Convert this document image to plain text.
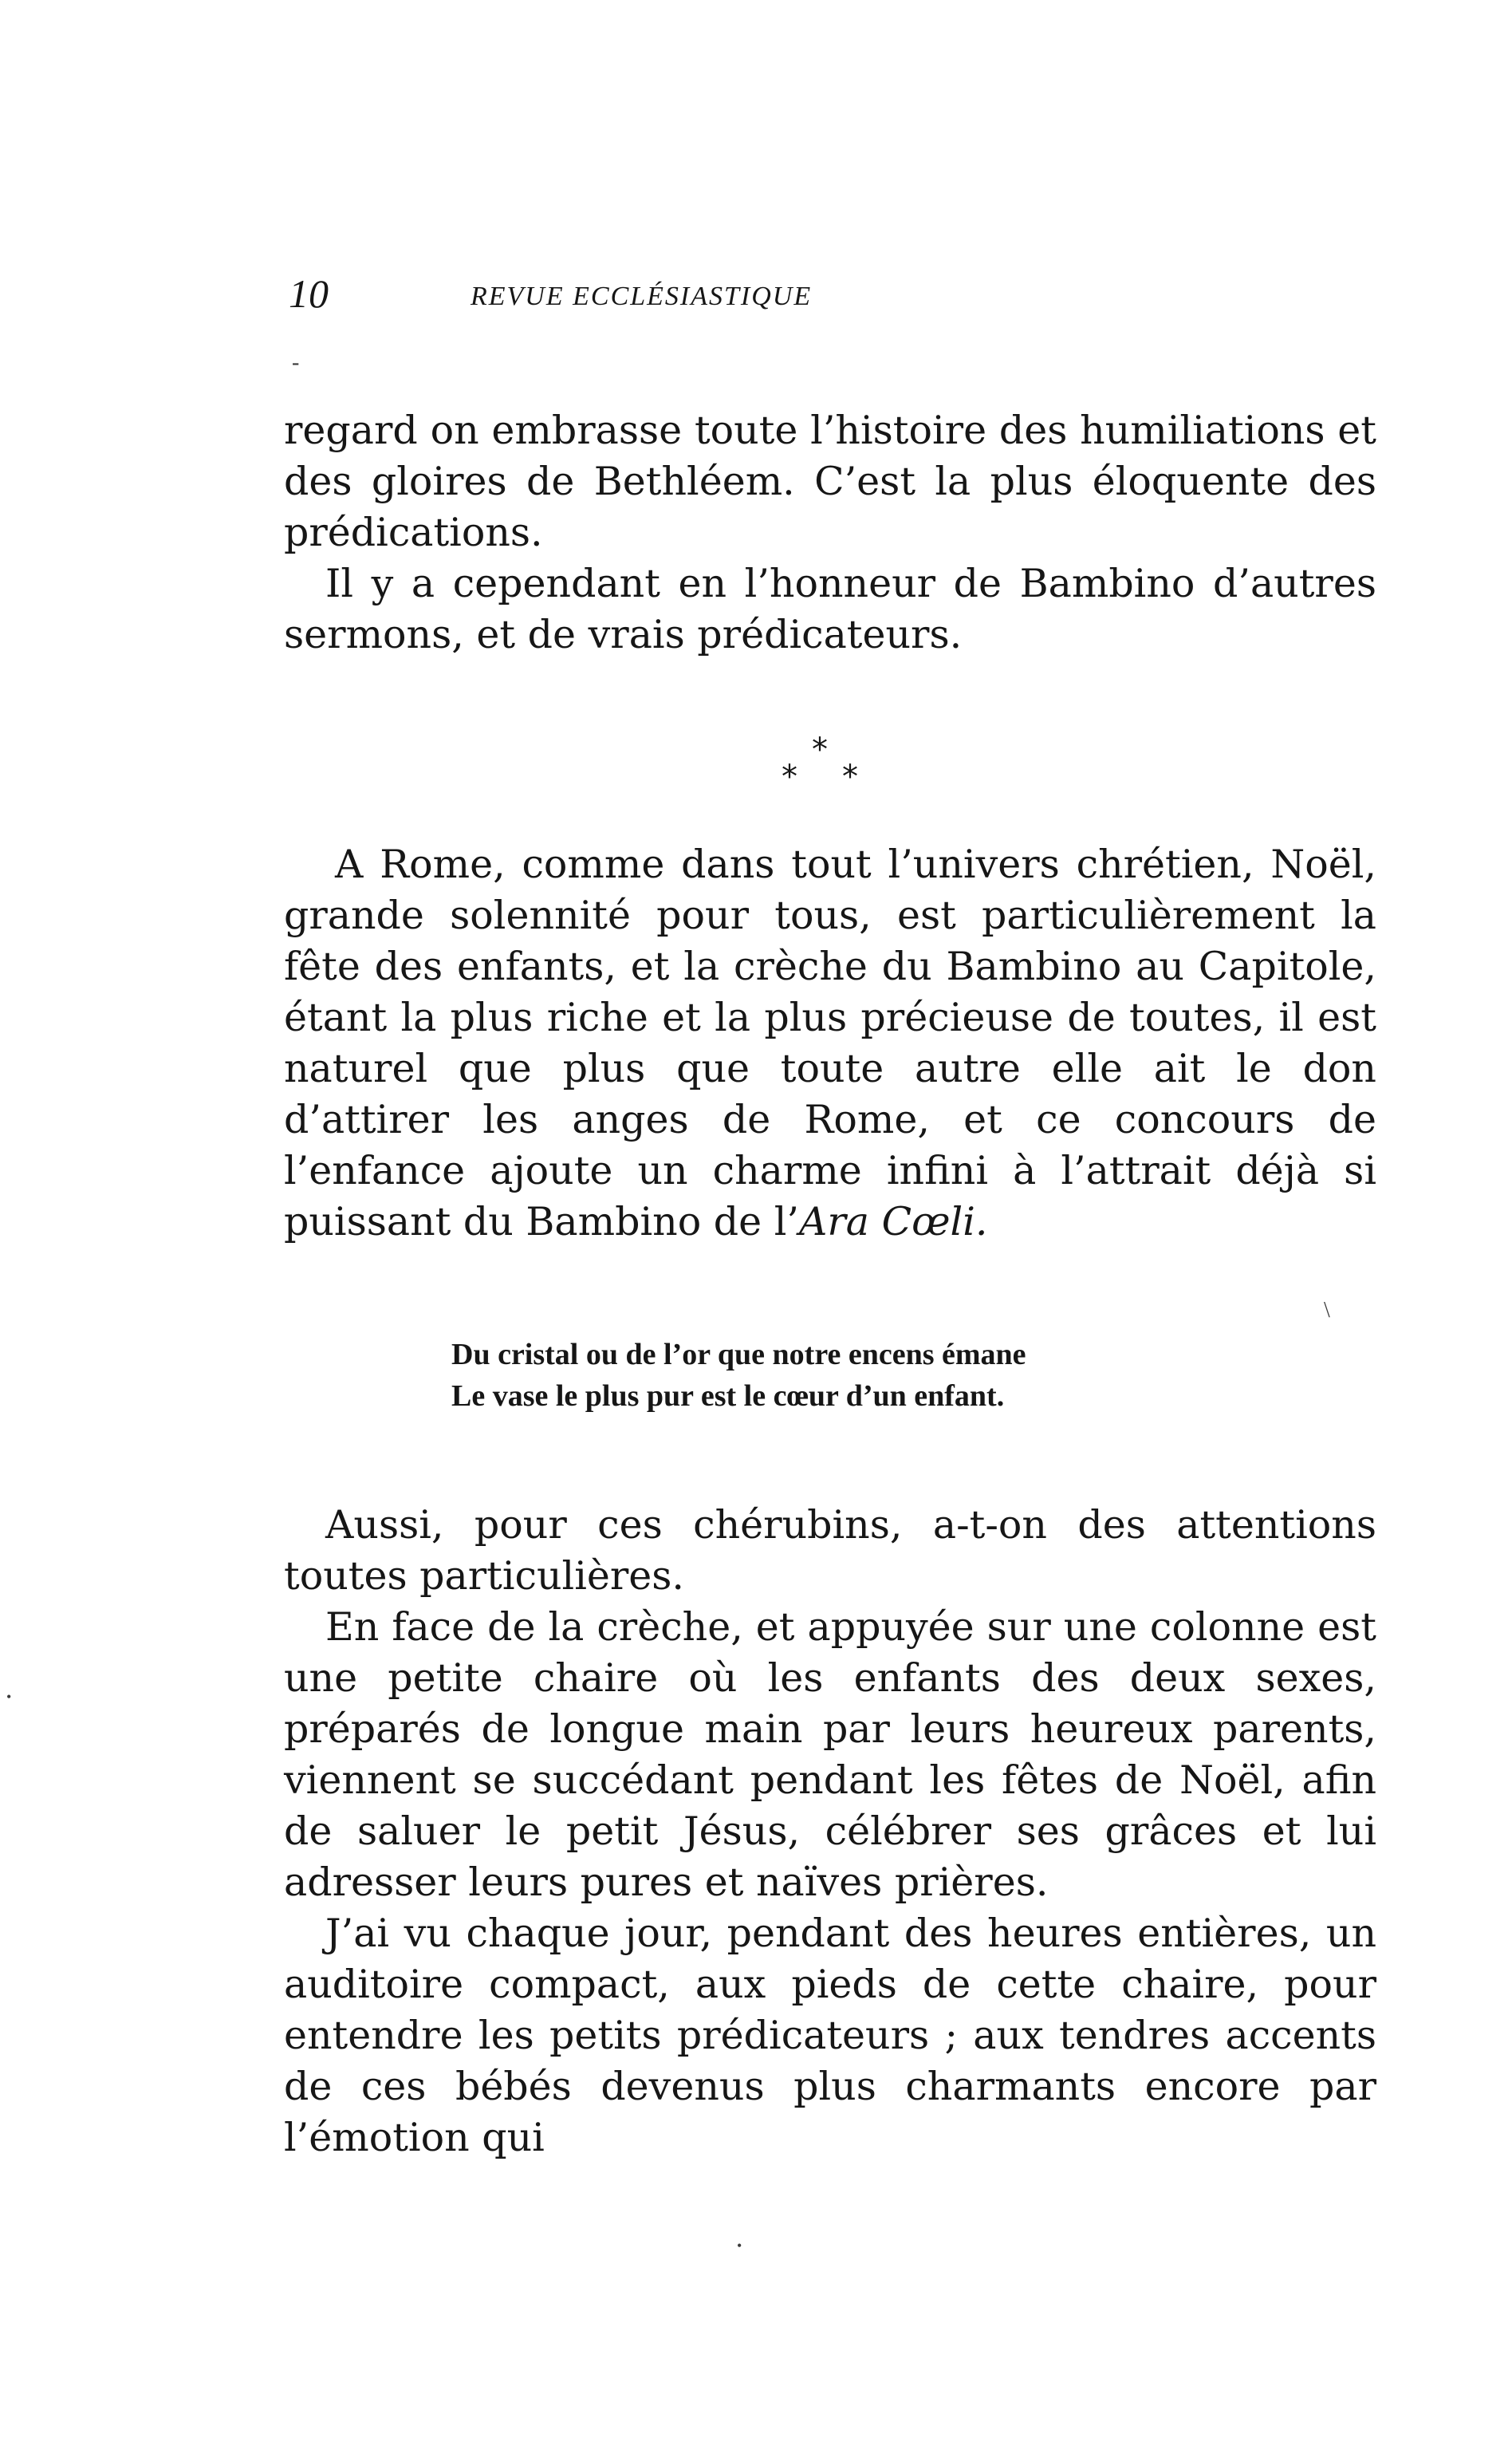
10	REVUE ECCLÉSIASTIQUE
-

regard on embrasse toute l’histoire des humiliations et des gloires de Bethléem. C’est la plus éloquente des prédications.

Il y a cependant en l’honneur de Bambino d’autres sermons, et de vrais prédicateurs.

*
* *

A Rome, comme dans tout l’univers chrétien, Noël, grande solennité pour tous, est particulièrement la fête des enfants, et la crèche du Bambino au Capitole, étant la plus riche et la plus précieuse de toutes, il est naturel que plus que toute autre elle ait le don d’attirer les anges de Rome, et ce concours de l’enfance ajoute un charme infini à l’attrait déjà si puissant du Bambino de l’Ara Cœli.

\
Du cristal ou de l’or que notre encens émane
Le vase le plus pur est le cœur d’un enfant.

Aussi, pour ces chérubins, a-t-on des attentions toutes particulières.

En face de la crèche, et appuyée sur une colonne est une petite chaire où les enfants des deux sexes, préparés de longue main par leurs heureux parents, viennent se succédant pendant les fêtes de Noël, afin de saluer le petit Jésus, célébrer ses grâces et lui adresser leurs pures et naïves prières.

J’ai vu chaque jour, pendant des heures entières, un auditoire compact, aux pieds de cette chaire, pour entendre les petits prédicateurs ; aux tendres accents de ces bébés devenus plus charmants encore par l’émotion qui

•
•
